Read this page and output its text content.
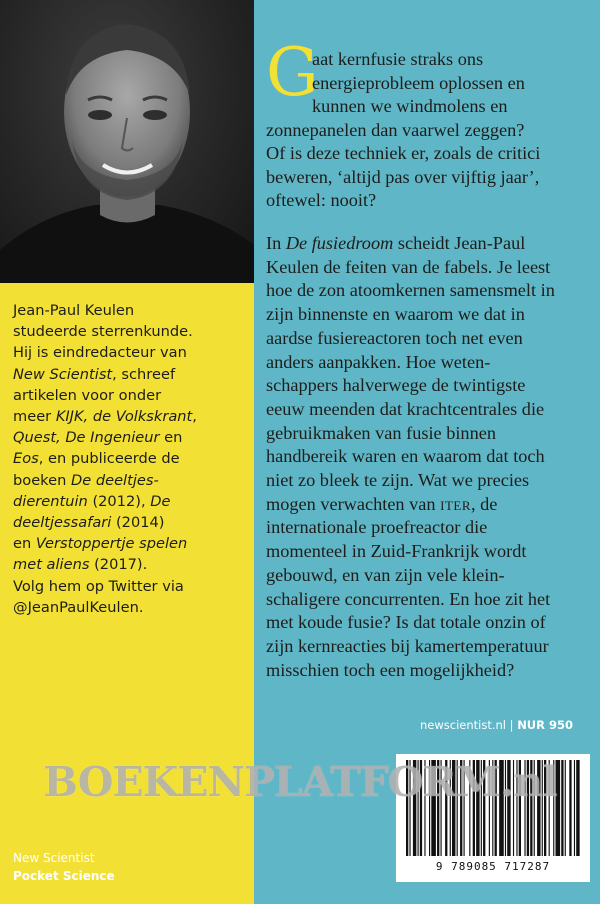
Jean-Paul Keulen

studeerde sterrenkunde.

Hij is eindredacteur van

New Scientist, schreef

artikelen voor onder

meer KIJK, de Volkskrant,

Quest, De Ingenieur en

Eos, en publiceerde de

boeken De deeltjes-

dierentuin (2012), De

deeltjessafari (2014)

en Verstoppertje spelen

met aliens (2017).

Volg hem op Twitter via

@JeanPaulKeulen.

New Scientist
Pocket Science
G
aat kernfusie straks ons
energieprobleem oplossen en
kunnen we windmolens en
zonnepanelen dan vaarwel zeggen?
Of is deze techniek er, zoals de critici
beweren, ‘altijd pas over vijftig jaar’,
oftewel: nooit?
In De fusiedroom scheidt Jean-Paul
Keulen de feiten van de fabels. Je leest
hoe de zon atoomkernen samensmelt in
zijn binnenste en waarom we dat in
aardse fusiereactoren toch net even
anders aanpakken. Hoe weten-
schappers halverwege de twintigste
eeuw meenden dat krachtcentrales die
gebruikmaken van fusie binnen
handbereik waren en waarom dat toch
niet zo bleek te zijn. Wat we precies
mogen verwachten van iter, de
internationale proefreactor die
momenteel in Zuid-Frankrijk wordt
gebouwd, en van zijn vele klein-
schaligere concurrenten. En hoe zit het
met koude fusie? Is dat totale onzin of
zijn kernreacties bij kamertemperatuur
misschien toch een mogelijkheid?
newscientist.nl | NUR 950
9 789085 717287
BOEKENPLATFORM.nl
